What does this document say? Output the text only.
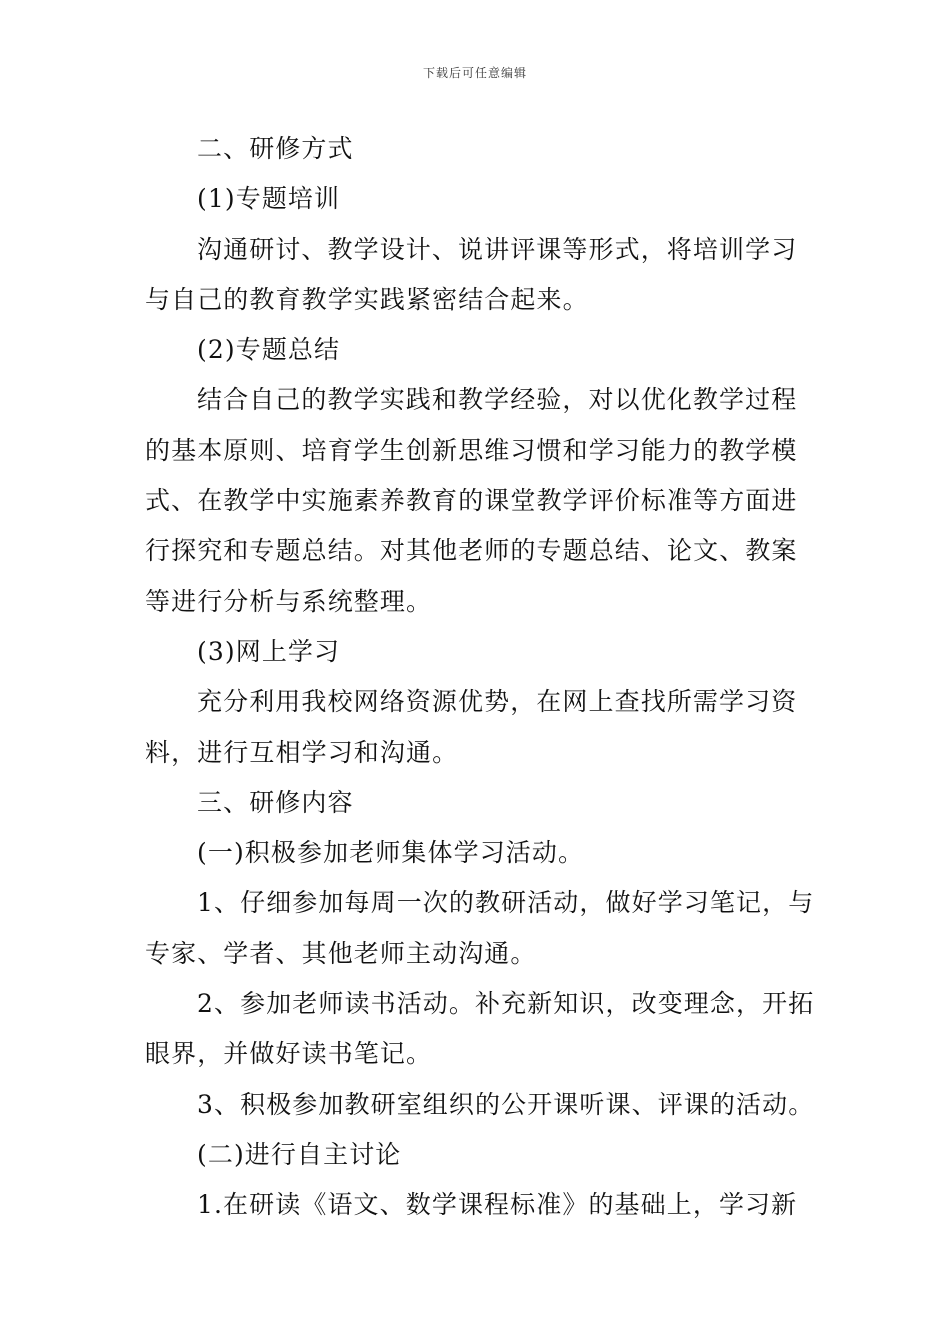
下载后可任意编辑
二、研修方式
(1)专题培训
沟通研讨、教学设计、说讲评课等形式，将培训学习
与自己的教育教学实践紧密结合起来。
(2)专题总结
结合自己的教学实践和教学经验，对以优化教学过程
的基本原则、培育学生创新思维习惯和学习能力的教学模
式、在教学中实施素养教育的课堂教学评价标准等方面进
行探究和专题总结。对其他老师的专题总结、论文、教案
等进行分析与系统整理。
(3)网上学习
充分利用我校网络资源优势，在网上查找所需学习资
料，进行互相学习和沟通。
三、研修内容
(一)积极参加老师集体学习活动。
1、仔细参加每周一次的教研活动，做好学习笔记，与
专家、学者、其他老师主动沟通。
2、参加老师读书活动。补充新知识，改变理念，开拓
眼界，并做好读书笔记。
3、积极参加教研室组织的公开课听课、评课的活动。
(二)进行自主讨论
1.在研读《语文、数学课程标准》的基础上，学习新
